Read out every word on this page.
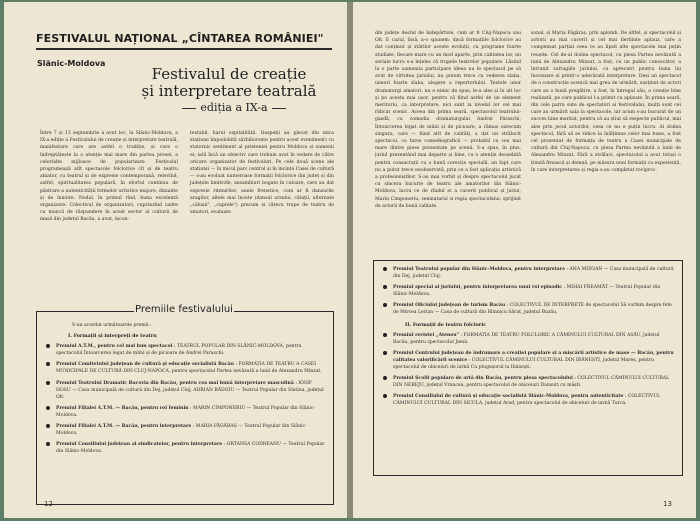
FESTIVALUL NAȚIONAL „CÎNTAREA ROMÂNIEI"
Slănic-Moldova
Festivalul de creație
și interpretare teatrală
ediția a IX-a
Între 7 și 13 septembrie a avut loc, la Slănic-Moldova, a IX-a ediție a Festivalului de creație și interpretare teatrală, manifestare care are astfel o tradiție, și care o îndreptățește la o atenție mai mare din partea presei, a celorlalte mijloace de popularizare. Festivalul programează atît spectacole folclorice cît și de teatru amator, cu teatrul și de expresie contemporană, relevînd, astfel, spiritualitatea populară, în efortul continuu de păstrare a autenticității formelor artistice majore, dinainte și de înnoire. Nodal, în primul rînd, buna excelentă organizare: Colectivul de organizatori, cuprinzînd cadre cu muncă de răspundere în acest sector al culturii de masă din județul Bacău, a avut, incon-
testabil, harul ospitalității. Oaspeții au plecat din mica stațiune împodobită sărbătorește pentru acest eveniment) cu statornic sentiment al prieteniei pentru Moldova și oamenii ei; iată încă un obiectiv care trebuie avut în vedere de către oricare organizator de festivaluri. Pe cele două scene ale stațiunii — în micul parc central și în incinta Casei de cultură — s-au evoluat numeroase formații folclorice din județ și din județele limitrofe, ansambluri bogate în culoare, care au dat expresie ritmurilor, unele frenetice, cum ar fi dansurile aragilor, altele mai încete (dansul ursului, căiuții, alternate „călușii", „caprele") precum și câteva trupe de teatru de amatori, evaluate
Premiile festivalului
S-au acordat următoarele premii :
I. Formații și interpreți de teatru
Premiul A.T.M., pentru cel mai bun spectacol : TEATRUL POPULAR DIN SLĂNIC-MOLDOVA, pentru spectacolul Întoarcerea legat de mîini și de picioare de Andrei Paraschi.
Premiul Comitetului județean de cultură și educație socialistă Bacău : FORMAȚIA DE TEATRU A CASEI MUNICIPALE DE CULTURĂ DIN CLUJ-NAPOCA, pentru spectacolul Partea nevăzută a lunii de Alexandru Minzat.
Premiul Teatrului Dramatic Bacovia din Bacău, pentru cea mai bună interpretare masculină : IOSIF HOSU — Casa municipală de cultură din Dej, județul Cluj; ADRIAN BĂDOIU — Teatrul Popular din Slatina, județul Olt.
Premiul Filialei A.T.M. — Bacău, pentru rol feminin : MARIN CIMPONERIU — Teatrul Popular din Slănic-Moldova.
Premiul Filialei A.T.M. — Bacău, pentru interpretare : MARIA FĂGĂRAȘ — Teatrul Popular din Slănic-Moldova.
Premiul Consiliului județean al sindicatelor, pentru interpretare : ORTANSA CODREANU — Teatrul Popular din Slănic-Moldova.
12
din județe destul de îndepărtate, cum ar fi Cluj-Napoca sau Olt. E cazul, însă, a-o spunem: dacă formațiile folclorice au dat conținut și stărilor aceste evoluții, cu programe foarte studiate, fiecare mare cu un mod aparte, prin calitatea lor, nu seriale lucru s-a înțeles că trupele teatrelor populare. Lăsind la o parte oameniia participare ideea nu le spectacol pe să avut de virtutea juriului, nu putem trece cu vederea slaba, uneori foarte slaba, alegere a repertoriului. Textele unor dramaturgi amatori, nu e nimic de spus, le-a ales și în alt loc și pe acesta mai ușor, pentru că fiind astfel de un element meritoriu, ca interpretare, nici sunt la nivelul lor cel mai ridicat scenic. Aceea din prima seară, spectacolul teatrului-gazdă, cu comedia dramaturgului Andrei Paraschi, Întoarcerea legat de mîini și de picioare, a rămas oarecum singura, care — fiind atît de calități, a dat un strălucit spectacol, cu farse comediografică — probabil cu cea mai mare dintre piese prezentate pe scenă. S-a spus, în plus, juriul prezentând mai departe și bine, cu o atenție deosebită pentru consacrații cu o bună corecție specială, un fapt care nu a putut trece neobservată, prin ce a fost aplicația artistică a profesioniștilor. S-au mai vorbit și despre spectacolul jucat cu sincera bucurie de teatru ale amatorilor din Slănic-Moldova, lucru ce de rîndul ei a cucerit publicul și juriul, Marin Cimponeriu, semnatarul și regia spectacolului, sprijinit de actorii de bună calitate.
sonal, și Maria Făgăraș, prin aplomb. De altfel, și spectacolul și actorii au mai cucerit și cel mai fierbinte aplauz, care a compensat parțial ceea ce au lipsit alte spectacole mai puțin reușite. Cel de-al doilea spectacol, cu piesa Partea nevăzută a lunii de Alexandru Minzat, a fost, cu un public cunoscător, a întrunit sufragiile juriului, cu aprecieri pentru buna lui înscenare și printr-o adevărată interpretare. Deși un spectacol de o construcție scenică mai greu de urmărit, susținut de actori care au o bună pregătire, a fost, în întregul său, o creație bine realizată, pe care publicul l-a primit cu aplauze. În prima seară, din cele patru sute de spectatori ai festivalului, mulți sunt cei care au urmărit sala la spectacole, iar acum s-au bucurat de un succes bine meritat, pentru că au știut să respecte publicul, mai ales prin jocul actorilor, ceea ce nu e puțin lucru. Al doilea spectacol, fără să se ridice la înălțimea celor mai bune, a fost cel prezentat de formația de teatru a Casei municipale de cultură din Cluj-Napoca, cu piesa Partea nevăzută a lunii de Alexandru Minzat. Fără a străluci, spectacolul a avut totuși o ținută firească și demnă, pe măsura unei formații cu experiență, în care interpretarea și regia s-au completat reciproc.
Premiul Teatrului popular din Slănic-Moldova, pentru interpretare : ANA MIZGAN — Casa municipală de cultură din Dej, județul Cluj.
Premiul special al juriului, pentru interpretarea unui rol episodic : MIHAI FREAMĂT — Teatrul Popular din Slănic-Moldova.
Premiul Oficiului județean de turism Bacău : COLECTIVUL DE INTERPRETE de spectacolul Să vorbim despre fete de Mircea Lerian — Casa de cultură din Rîmnicu Sărat, județul Buzău.
II. Formații de teatru folcloric
Premiul revistei „Ateneu" : FORMAȚIA DE TEATRU FOLCLORIC A CĂMINULUI CULTURAL DIN ASĂU, județul Bacău, pentru spectacolul Jienii.
Premiul Centrului județean de îndrumare a creației populare și a mișcării artistice de mase — Bacău, pentru calitatea valorificării scenice : COLECTIVUL CĂMINULUI CULTURAL DIN IBĂNEȘTI, județul Mureș, pentru spectacolul de obiceiuri de iarnă Cu plugușorul la Ibănești.
Premiul Școlii populare de artă din Bacău, pentru piesa spectacolului : COLECTIVUL CĂMINULUI CULTURAL DIN NEREJU, județul Vrancea, pentru spectacolul de obiceiuri Dansuri cu măști.
Premiul Consiliului de cultură și educație socialistă Slănic-Moldova, pentru autenticitate : COLECTIVUL CĂMINULUI CULTURAL DIN SICULA, județul Arad, pentru spectacolul de obiceiuri de iarnă Turca.
13
